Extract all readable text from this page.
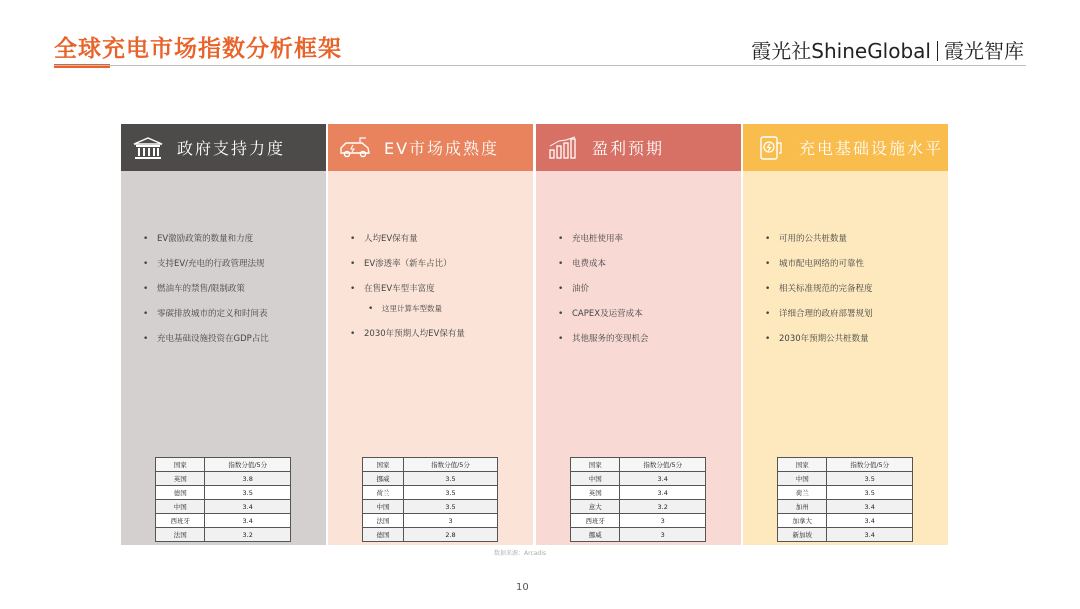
全球充电市场指数分析框架	霞光社ShineGlobal 霞光智库
政府支持力度
• EV激励政策的数量和力度
• 支持EV/充电的行政管理法规
• 燃油车的禁售/限制政策
• 零碳排放城市的定义和时间表
• 充电基础设施投资在GDP占比
国家	指数分值/5分
英国	3.8
德国	3.5
中国	3.4
西班牙	3.4
法国	3.2
EV市场成熟度
• 人均EV保有量
• EV渗透率（新车占比）
• 在售EV车型丰富度
• 这里计算车型数量
• 2030年预期人均EV保有量
国家	指数分值/5分
挪威	3.5
荷兰	3.5
中国	3.5
法国	3
德国	2.8
盈利预期
• 充电桩使用率
• 电费成本
• 油价
• CAPEX及运营成本
• 其他服务的变现机会
国家	指数分值/5分
中国	3.4
英国	3.4
意大	3.2
西班牙	3
挪威	3
充电基础设施水平
• 可用的公共桩数量
• 城市配电网络的可靠性
• 相关标准规范的完备程度
• 详细合理的政府部署规划
• 2030年预期公共桩数量
国家	指数分值/5分
中国	3.5
荷兰	3.5
加州	3.4
加拿大	3.4
新加坡	3.4
数据来源：Arcadis
10
